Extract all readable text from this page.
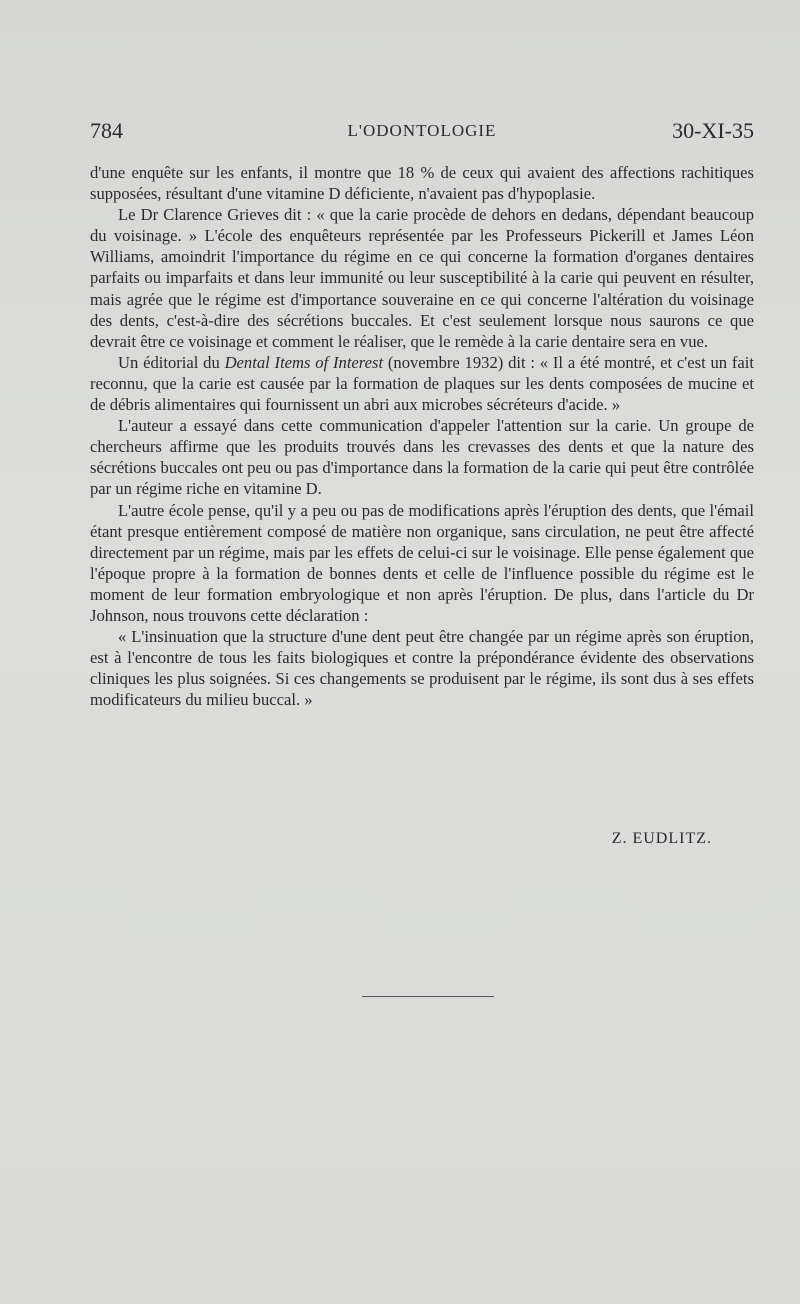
784	L'ODONTOLOGIE	30-XI-35

d'une enquête sur les enfants, il montre que 18 % de ceux qui avaient des affections rachitiques supposées, résultant d'une vitamine D déficiente, n'avaient pas d'hypoplasie.

Le Dr Clarence Grieves dit : « que la carie procède de dehors en dedans, dépendant beaucoup du voisinage. » L'école des enquêteurs représentée par les Professeurs Pickerill et James Léon Williams, amoindrit l'importance du régime en ce qui concerne la formation d'organes dentaires parfaits ou imparfaits et dans leur immunité ou leur susceptibilité à la carie qui peuvent en résulter, mais agrée que le régime est d'importance souveraine en ce qui concerne l'altération du voisinage des dents, c'est-à-dire des sécrétions buccales. Et c'est seulement lorsque nous saurons ce que devrait être ce voisinage et comment le réaliser, que le remède à la carie dentaire sera en vue.

Un éditorial du Dental Items of Interest (novembre 1932) dit : « Il a été montré, et c'est un fait reconnu, que la carie est causée par la formation de plaques sur les dents composées de mucine et de débris alimentaires qui fournissent un abri aux microbes sécréteurs d'acide. »

L'auteur a essayé dans cette communication d'appeler l'attention sur la carie. Un groupe de chercheurs affirme que les produits trouvés dans les crevasses des dents et que la nature des sécrétions buccales ont peu ou pas d'importance dans la formation de la carie qui peut être contrôlée par un régime riche en vitamine D.

L'autre école pense, qu'il y a peu ou pas de modifications après l'éruption des dents, que l'émail étant presque entièrement composé de matière non organique, sans circulation, ne peut être affecté directement par un régime, mais par les effets de celui-ci sur le voisinage. Elle pense également que l'époque propre à la formation de bonnes dents et celle de l'influence possible du régime est le moment de leur formation embryologique et non après l'éruption. De plus, dans l'article du Dr Johnson, nous trouvons cette déclaration :

« L'insinuation que la structure d'une dent peut être changée par un régime après son éruption, est à l'encontre de tous les faits biologiques et contre la prépondérance évidente des observations cliniques les plus soignées. Si ces changements se produisent par le régime, ils sont dus à ses effets modificateurs du milieu buccal. »

Z. EUDLITZ.
